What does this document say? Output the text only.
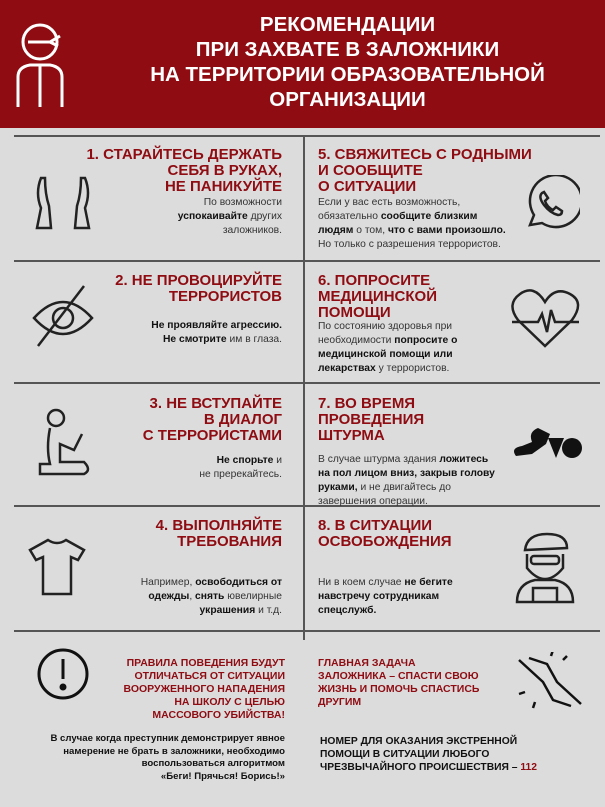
РЕКОМЕНДАЦИИ
ПРИ ЗАХВАТЕ В ЗАЛОЖНИКИ
НА ТЕРРИТОРИИ ОБРАЗОВАТЕЛЬНОЙ
ОРГАНИЗАЦИИ
1. СТАРАЙТЕСЬ ДЕРЖАТЬ
СЕБЯ В РУКАХ,
НЕ ПАНИКУЙТЕ
По возможности
успокаивайте других
заложников.
2. НЕ ПРОВОЦИРУЙТЕ
ТЕРРОРИСТОВ
Не проявляйте агрессию.
Не смотрите им в глаза.
3. НЕ ВСТУПАЙТЕ
В ДИАЛОГ
С ТЕРРОРИСТАМИ
Не спорьте и
не пререкайтесь.
4. ВЫПОЛНЯЙТЕ
ТРЕБОВАНИЯ
Например, освободиться от
одежды, снять ювелирные
украшения и т.д.
5. СВЯЖИТЕСЬ С РОДНЫМИ
И СООБЩИТЕ
О СИТУАЦИИ
Если у вас есть возможность,
обязательно сообщите близким
людям о том, что с вами произошло.
Но только с разрешения террористов.
6. ПОПРОСИТЕ
МЕДИЦИНСКОЙ
ПОМОЩИ
По состоянию здоровья при
необходимости попросите о
медицинской помощи или
лекарствах у террористов.
7. ВО ВРЕМЯ
ПРОВЕДЕНИЯ
ШТУРМА
В случае штурма здания ложитесь
на пол лицом вниз, закрыв голову
руками, и не двигайтесь до
завершения операции.
8. В СИТУАЦИИ
ОСВОБОЖДЕНИЯ
Ни в коем случае не бегите
навстречу сотрудникам
спецслужб.
ПРАВИЛА ПОВЕДЕНИЯ БУДУТ
ОТЛИЧАТЬСЯ ОТ СИТУАЦИИ
ВООРУЖЕННОГО НАПАДЕНИЯ
НА ШКОЛУ С ЦЕЛЬЮ
МАССОВОГО УБИЙСТВА!
ГЛАВНАЯ ЗАДАЧА
ЗАЛОЖНИКА – СПАСТИ СВОЮ
ЖИЗНЬ И ПОМОЧЬ СПАСТИСЬ
ДРУГИМ
В случае когда преступник демонстрирует явное
намерение не брать в заложники, необходимо
воспользоваться алгоритмом
«Беги! Прячься! Борись!»
НОМЕР ДЛЯ ОКАЗАНИЯ ЭКСТРЕННОЙ
ПОМОЩИ В СИТУАЦИИ ЛЮБОГО
ЧРЕЗВЫЧАЙНОГО ПРОИСШЕСТВИЯ – 112
